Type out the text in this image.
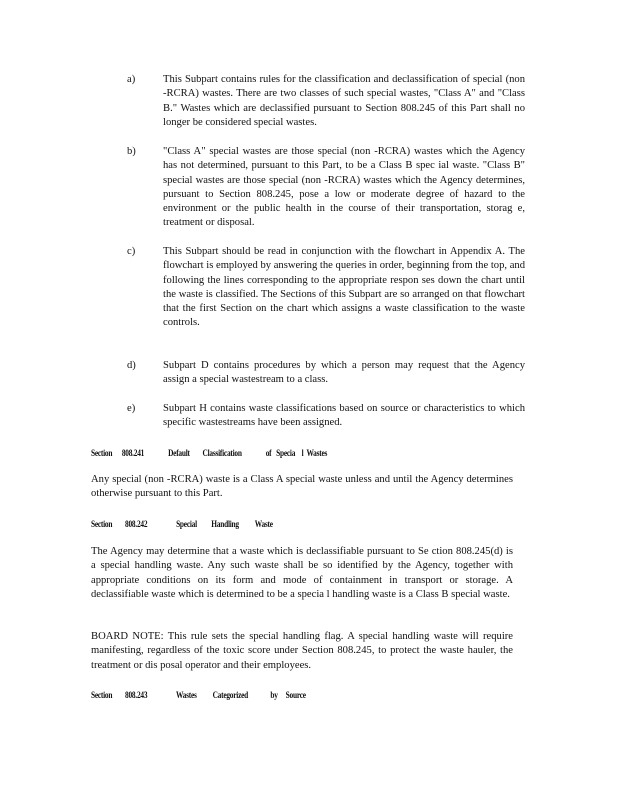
a)	This Subpart contains rules for the classification and declassification of special (non -RCRA) wastes. There are two classes of such special wastes, "Class A" and "Class B." Wastes which are declassified pursuant to Section 808.245 of this Part shall no longer be considered special wastes.
b)	"Class A" special wastes are those special (non -RCRA) wastes which the Agency has not determined, pursuant to this Part, to be a Class B spec ial waste. "Class B" special wastes are those special (non -RCRA) wastes which the Agency determines, pursuant to Section 808.245, pose a low or moderate degree of hazard to the environment or the public health in the course of their transportation, storag e, treatment or disposal.
c)	This Subpart should be read in conjunction with the flowchart in Appendix A. The flowchart is employed by answering the queries in order, beginning from the top, and following the lines corresponding to the appropriate respon ses down the chart until the waste is classified. The Sections of this Subpart are so arranged on that flowchart that the first Section on the chart which assigns a waste classification to the waste controls.
d)	Subpart D contains procedures by which a person may request that the Agency assign a special wastestream to a class.
e)	Subpart H contains waste classifications based on source or characteristics to which specific wastestreams have been assigned.
Section      808.241               Default        Classification               of   Specia    l  Wastes
Any special (non -RCRA) waste is a Class A special waste unless and until the Agency determines otherwise pursuant to this Part.
Section        808.242                  Special         Handling          Waste
The Agency may determine that a waste which is declassifiable pursuant to Se ction 808.245(d) is a special handling waste. Any such waste shall be so identified by the Agency, together with appropriate conditions on its form and mode of containment in transport or storage. A declassifiable waste which is determined to be a specia l handling waste is a Class B special waste.
BOARD NOTE: This rule sets the special handling flag. A special handling waste will require manifesting, regardless of the toxic score under Section 808.245, to protect the waste hauler, the treatment or dis posal operator and their employees.
Section        808.243                  Wastes          Categorized              by     Source
